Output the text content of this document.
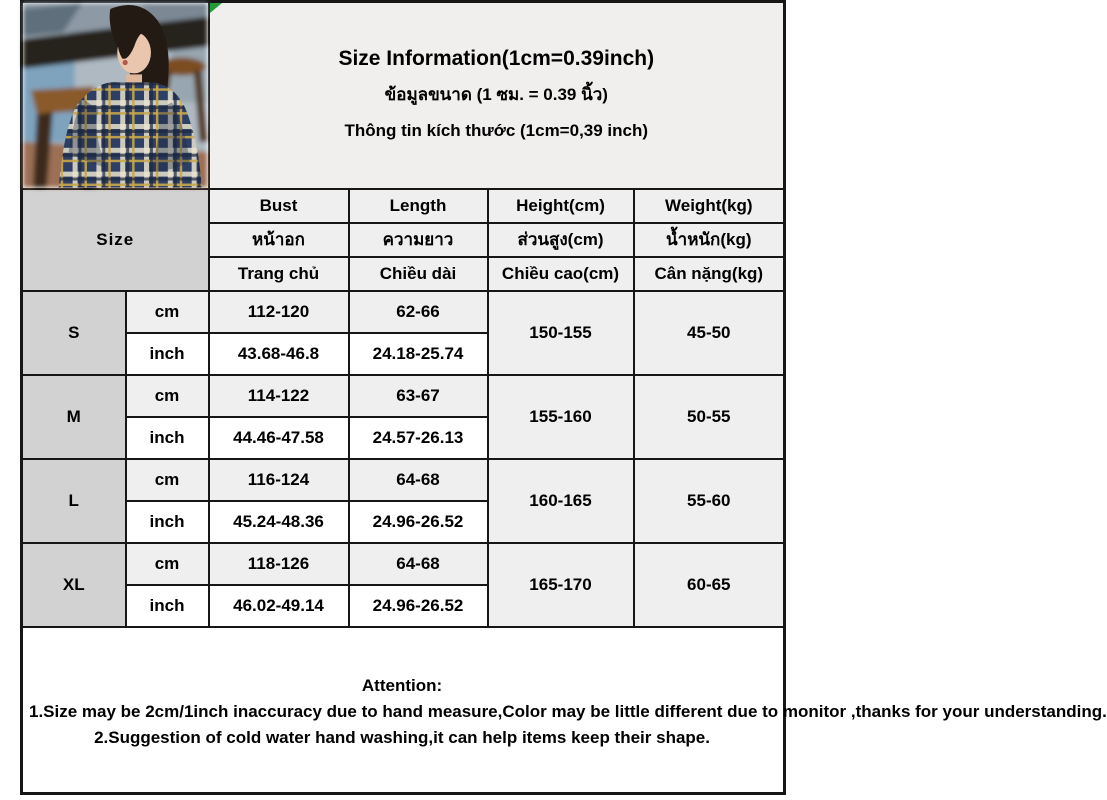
Size Information(1cm=0.39inch)
ข้อมูลขนาด (1 ซม. = 0.39 นิ้ว)
Thông tin kích thước (1cm=0,39 inch)			

Size		Bust	Length	Height(cm)	Weight(kg)
		หน้าอก	ความยาว	ส่วนสูง(cm)	น้ำหนัก(kg)
		Trang chủ	Chiều dài	Chiều cao(cm)	Cân nặng(kg)
S	cm	112-120	62-66	150-155	45-50
	inch	43.68-46.8	24.18-25.74		
M	cm	114-122	63-67	155-160	50-55
	inch	44.46-47.58	24.57-26.13		
L	cm	116-124	64-68	160-165	55-60
	inch	45.24-48.36	24.96-26.52		
XL	cm	118-126	64-68	165-170	60-65
	inch	46.02-49.14	24.96-26.52		

Attention:
1.Size may be 2cm/1inch inaccuracy due to hand measure,Color may be little different due to monitor ,thanks for your understanding.
2.Suggestion of cold water hand washing,it can help items keep their shape.					
